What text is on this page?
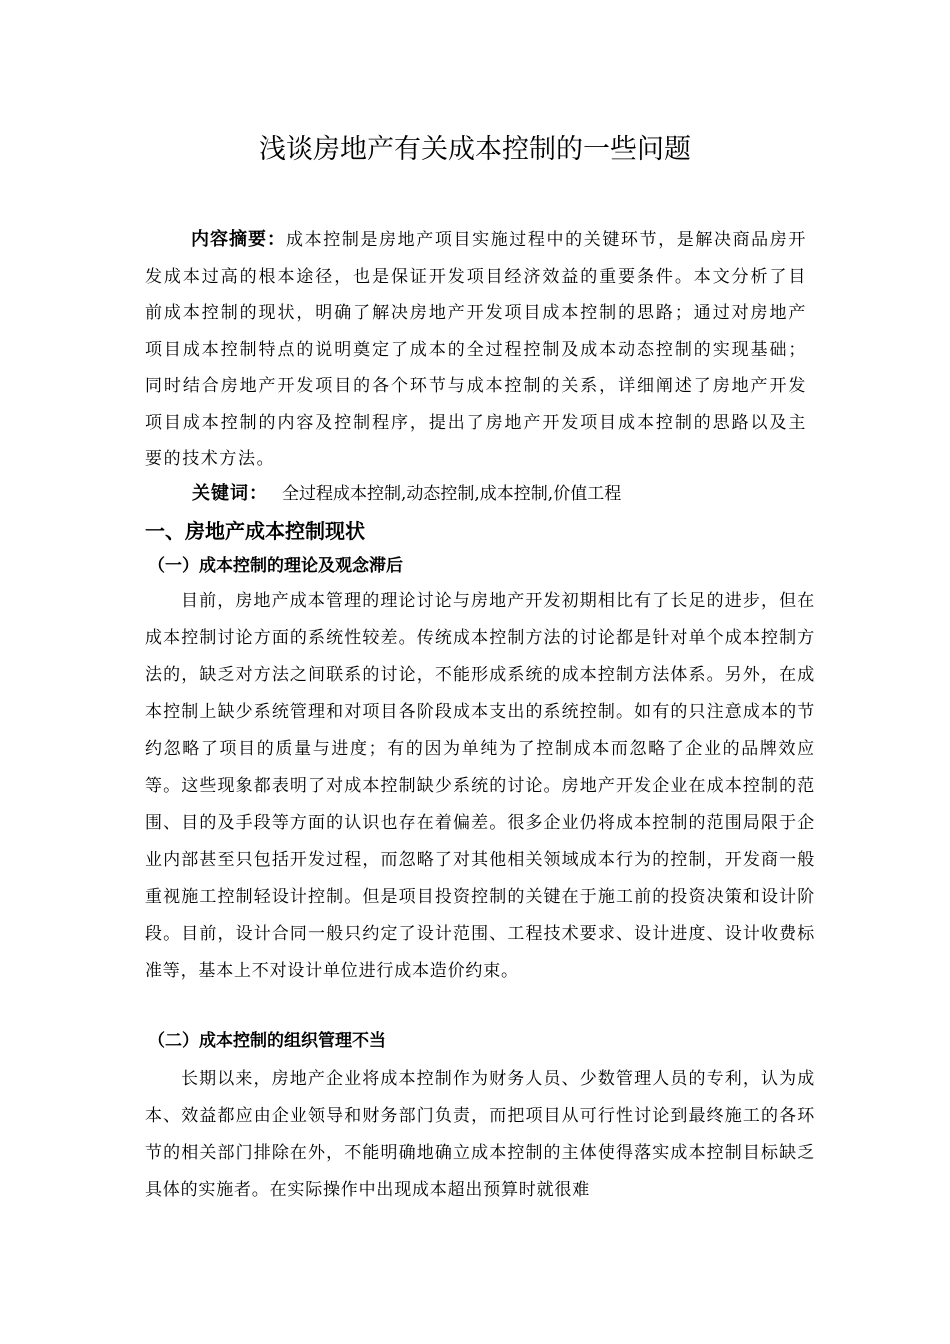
浅谈房地产有关成本控制的一些问题

内容摘要：成本控制是房地产项目实施过程中的关键环节，是解决商品房开发成本过高的根本途径，也是保证开发项目经济效益的重要条件。本文分析了目前成本控制的现状，明确了解决房地产开发项目成本控制的思路；通过对房地产项目成本控制特点的说明奠定了成本的全过程控制及成本动态控制的实现基础；同时结合房地产开发项目的各个环节与成本控制的关系，详细阐述了房地产开发项目成本控制的内容及控制程序，提出了房地产开发项目成本控制的思路以及主要的技术方法。

关键词： 全过程成本控制,动态控制,成本控制,价值工程

一、房地产成本控制现状
（一）成本控制的理论及观念滞后

目前，房地产成本管理的理论讨论与房地产开发初期相比有了长足的进步，但在成本控制讨论方面的系统性较差。传统成本控制方法的讨论都是针对单个成本控制方法的，缺乏对方法之间联系的讨论，不能形成系统的成本控制方法体系。另外，在成本控制上缺少系统管理和对项目各阶段成本支出的系统控制。如有的只注意成本的节约忽略了项目的质量与进度；有的因为单纯为了控制成本而忽略了企业的品牌效应等。这些现象都表明了对成本控制缺少系统的讨论。房地产开发企业在成本控制的范围、目的及手段等方面的认识也存在着偏差。很多企业仍将成本控制的范围局限于企业内部甚至只包括开发过程，而忽略了对其他相关领域成本行为的控制，开发商一般重视施工控制轻设计控制。但是项目投资控制的关键在于施工前的投资决策和设计阶段。目前，设计合同一般只约定了设计范围、工程技术要求、设计进度、设计收费标准等，基本上不对设计单位进行成本造价约束。

（二）成本控制的组织管理不当

长期以来，房地产企业将成本控制作为财务人员、少数管理人员的专利，认为成本、效益都应由企业领导和财务部门负责，而把项目从可行性讨论到最终施工的各环节的相关部门排除在外，不能明确地确立成本控制的主体使得落实成本控制目标缺乏具体的实施者。在实际操作中出现成本超出预算时就很难
